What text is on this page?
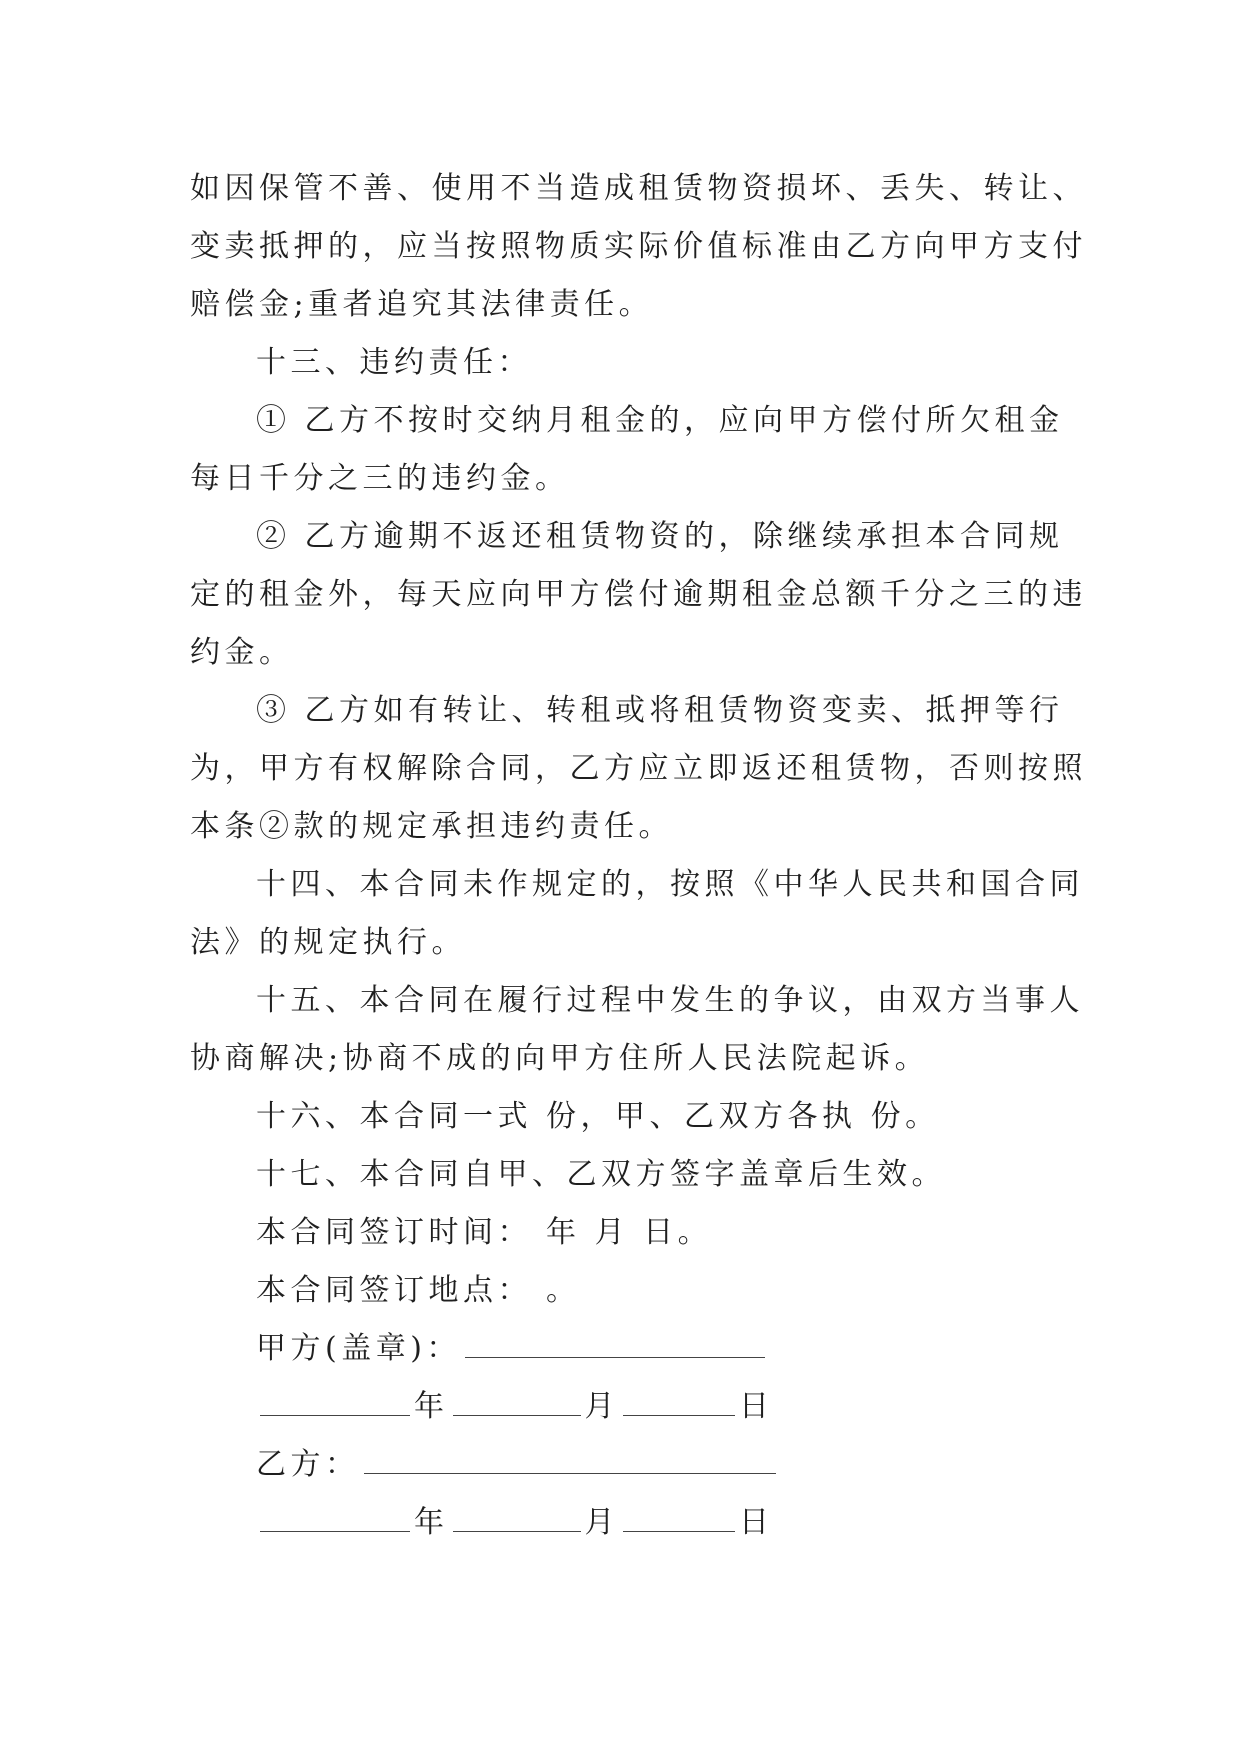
如因保管不善、使用不当造成租赁物资损坏、丢失、转让、

变卖抵押的，应当按照物质实际价值标准由乙方向甲方支付

赔偿金;重者追究其法律责任。

十三、违约责任：

① 乙方不按时交纳月租金的，应向甲方偿付所欠租金

每日千分之三的违约金。

② 乙方逾期不返还租赁物资的，除继续承担本合同规

定的租金外，每天应向甲方偿付逾期租金总额千分之三的违

约金。

③ 乙方如有转让、转租或将租赁物资变卖、抵押等行

为，甲方有权解除合同，乙方应立即返还租赁物，否则按照

本条②款的规定承担违约责任。

十四、本合同未作规定的，按照《中华人民共和国合同

法》的规定执行。

十五、本合同在履行过程中发生的争议，由双方当事人

协商解决;协商不成的向甲方住所人民法院起诉。

十六、本合同一式 份，甲、乙双方各执 份。

十七、本合同自甲、乙双方签字盖章后生效。

本合同签订时间： 年 月 日。

本合同签订地点： 。

甲方(盖章)：

年	月	日

乙方：

年	月	日
